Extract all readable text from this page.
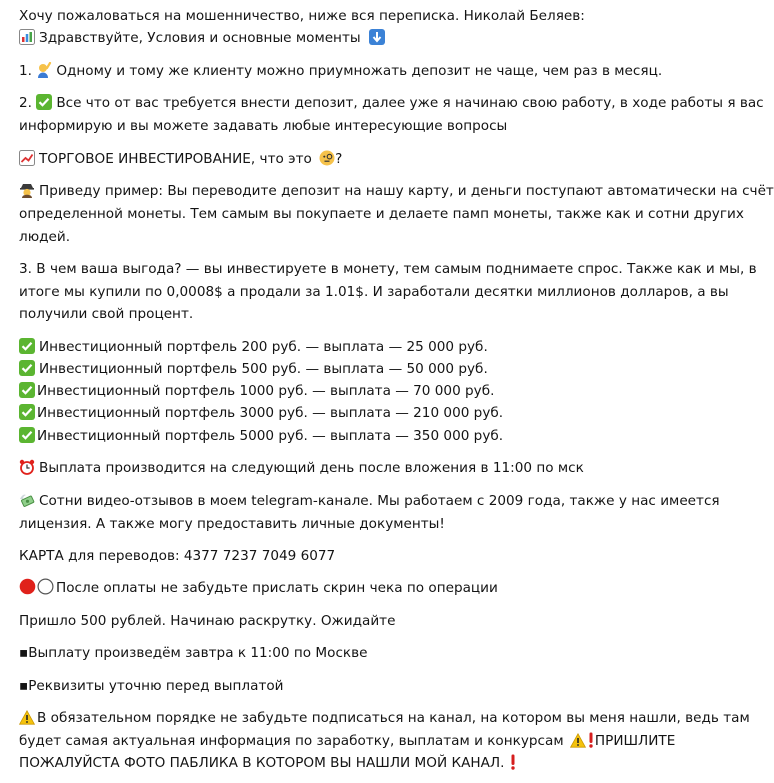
Хочу пожаловаться на мошенничество, ниже вся переписка. Николай Беляев:
Здравствуйте, Условия и основные моменты
1. Одному и тому же клиенту можно приумножать депозит не чаще, чем раз в месяц.
2. Все что от вас требуется внести депозит, далее уже я начинаю свою работу, в ходе работы я вас
информирую и вы можете задавать любые интересующие вопросы
ТОРГОВОЕ ИНВЕСТИРОВАНИЕ, что это ?
Приведу пример: Вы переводите депозит на нашу карту, и деньги поступают автоматически на счёт
определенной монеты. Тем самым вы покупаете и делаете памп монеты, также как и сотни других
людей.
3. В чем ваша выгода? — вы инвестируете в монету, тем самым поднимаете спрос. Также как и мы, в
итоге мы купили по 0,0008$ а продали за 1.01$. И заработали десятки миллионов долларов, а вы
получили свой процент.
Инвестиционный портфель 200 руб. — выплата — 25 000 руб.
Инвестиционный портфель 500 руб. — выплата — 50 000 руб.
Инвестиционный портфель 1000 руб. — выплата — 70 000 руб.
Инвестиционный портфель 3000 руб. — выплата — 210 000 руб.
Инвестиционный портфель 5000 руб. — выплата — 350 000 руб.
Выплата производится на следующий день после вложения в 11:00 по мск
Сотни видео-отзывов в моем telegram-канале. Мы работаем с 2009 года, также у нас имеется
лицензия. А также могу предоставить личные документы!
КАРТА для переводов: 4377 7237 7049 6077
После оплаты не забудьте прислать скрин чека по операции
Пришло 500 рублей. Начинаю раскрутку. Ожидайте
▪Выплату произведём завтра к 11:00 по Москве
▪Реквизиты уточню перед выплатой
В обязательном порядке не забудьте подписаться на канал, на котором вы меня нашли, ведь там
будет самая актуальная информация по заработку, выплатам и конкурсам ПРИШЛИТЕ
ПОЖАЛУЙСТА ФОТО ПАБЛИКА В КОТОРОМ ВЫ НАШЛИ МОЙ КАНАЛ.
